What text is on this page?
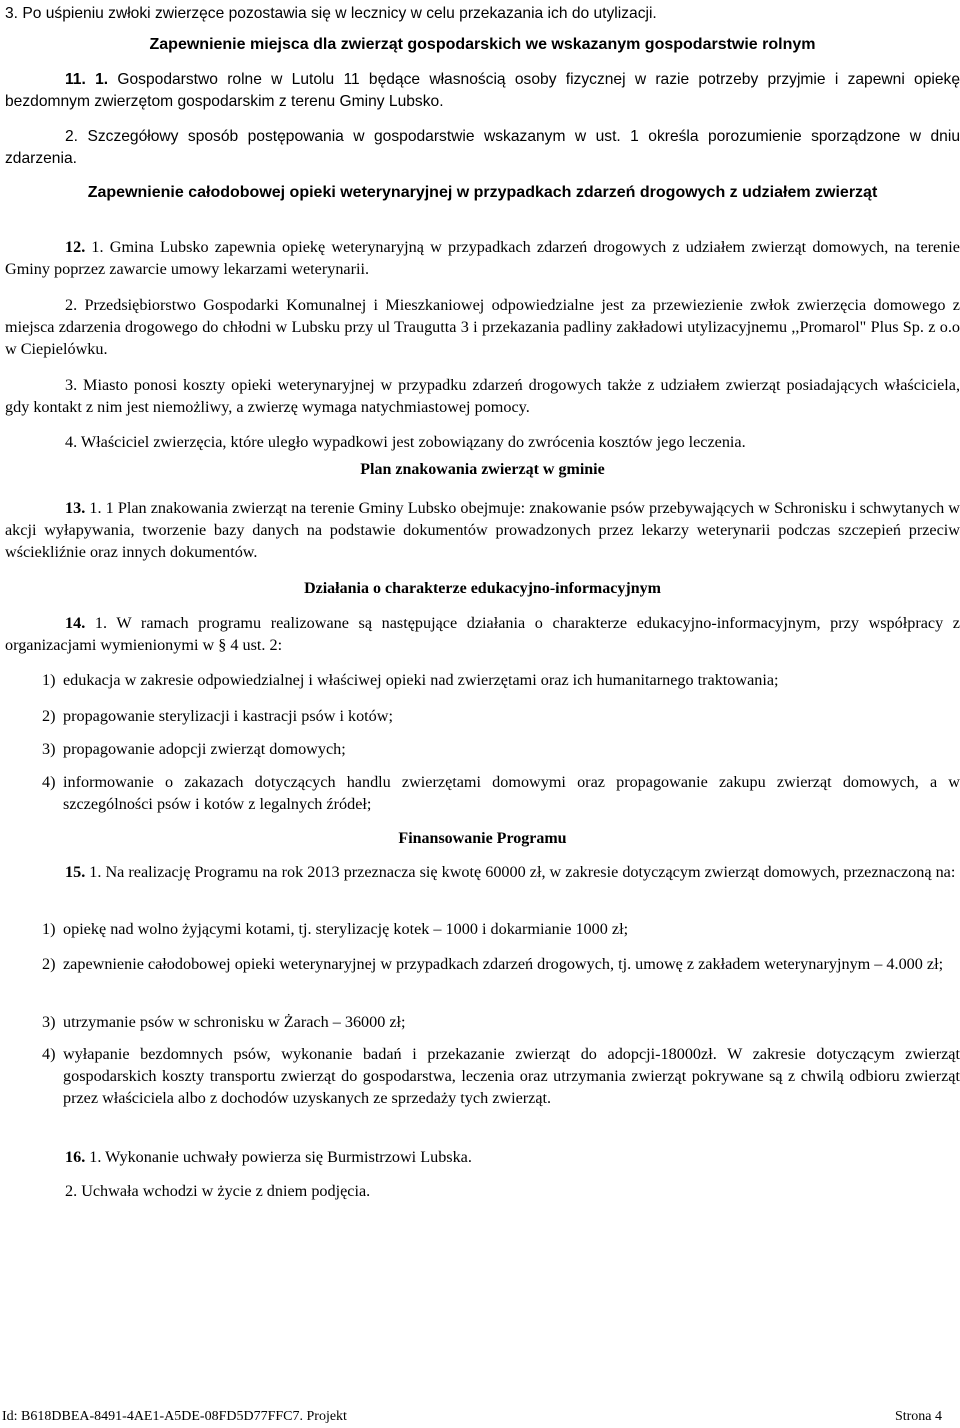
3. Po uśpieniu zwłoki zwierzęce pozostawia się w lecznicy w celu przekazania ich do utylizacji.
Zapewnienie miejsca dla zwierząt gospodarskich we wskazanym gospodarstwie rolnym
11. 1. Gospodarstwo rolne w Lutolu 11 będące własnością osoby fizycznej w razie potrzeby przyjmie i zapewni opiekę bezdomnym zwierzętom gospodarskim z terenu Gminy Lubsko.
2. Szczegółowy sposób postępowania w gospodarstwie wskazanym w ust. 1 określa porozumienie sporządzone w dniu zdarzenia.
Zapewnienie całodobowej opieki weterynaryjnej w przypadkach zdarzeń drogowych z udziałem zwierząt
12. 1. Gmina Lubsko zapewnia opiekę weterynaryjną w przypadkach zdarzeń drogowych z udziałem zwierząt domowych, na terenie Gminy poprzez zawarcie umowy lekarzami weterynarii.
2. Przedsiębiorstwo Gospodarki Komunalnej i Mieszkaniowej odpowiedzialne jest za przewiezienie zwłok zwierzęcia domowego z miejsca zdarzenia drogowego do chłodni w Lubsku przy ul Traugutta 3 i przekazania padliny zakładowi utylizacyjnemu ,,Promarol" Plus Sp. z o.o w Ciepielówku.
3. Miasto ponosi koszty opieki weterynaryjnej w przypadku zdarzeń drogowych także z udziałem zwierząt posiadających właściciela, gdy kontakt z nim jest niemożliwy, a zwierzę wymaga natychmiastowej pomocy.
4. Właściciel zwierzęcia, które uległo wypadkowi jest zobowiązany do zwrócenia kosztów jego leczenia.
Plan znakowania zwierząt w gminie
13. 1. 1 Plan znakowania zwierząt na terenie Gminy Lubsko obejmuje: znakowanie psów przebywających w Schronisku i schwytanych w akcji wyłapywania, tworzenie bazy danych na podstawie dokumentów prowadzonych przez lekarzy weterynarii podczas szczepień przeciw wściekliźnie oraz innych dokumentów.
Działania o charakterze edukacyjno-informacyjnym
14. 1. W ramach programu realizowane są następujące działania o charakterze edukacyjno-informacyjnym, przy współpracy z organizacjami wymienionymi w § 4 ust. 2:
1) edukacja w zakresie odpowiedzialnej i właściwej opieki nad zwierzętami oraz ich humanitarnego traktowania;
2) propagowanie sterylizacji i kastracji psów i kotów;
3) propagowanie adopcji zwierząt domowych;
4) informowanie o zakazach dotyczących handlu zwierzętami domowymi oraz propagowanie zakupu zwierząt domowych, a w szczególności psów i kotów z legalnych źródeł;
Finansowanie Programu
15. 1. Na realizację Programu na rok 2013 przeznacza się kwotę 60000 zł, w zakresie dotyczącym zwierząt domowych, przeznaczoną na:
1) opiekę nad wolno żyjącymi kotami, tj. sterylizację kotek – 1000 i dokarmianie 1000 zł;
2) zapewnienie całodobowej opieki weterynaryjnej w przypadkach zdarzeń drogowych, tj. umowę z zakładem weterynaryjnym – 4.000 zł;
3) utrzymanie psów w schronisku w Żarach – 36000 zł;
4) wyłapanie bezdomnych psów, wykonanie badań i przekazanie zwierząt do adopcji-18000zł. W zakresie dotyczącym zwierząt gospodarskich koszty transportu zwierząt do gospodarstwa, leczenia oraz utrzymania zwierząt pokrywane są z chwilą odbioru zwierząt przez właściciela albo z dochodów uzyskanych ze sprzedaży tych zwierząt.
16. 1. Wykonanie uchwały powierza się Burmistrzowi Lubska.
2. Uchwała wchodzi w życie z dniem podjęcia.
Id: B618DBEA-8491-4AE1-A5DE-08FD5D77FFC7. Projekt	Strona 4
